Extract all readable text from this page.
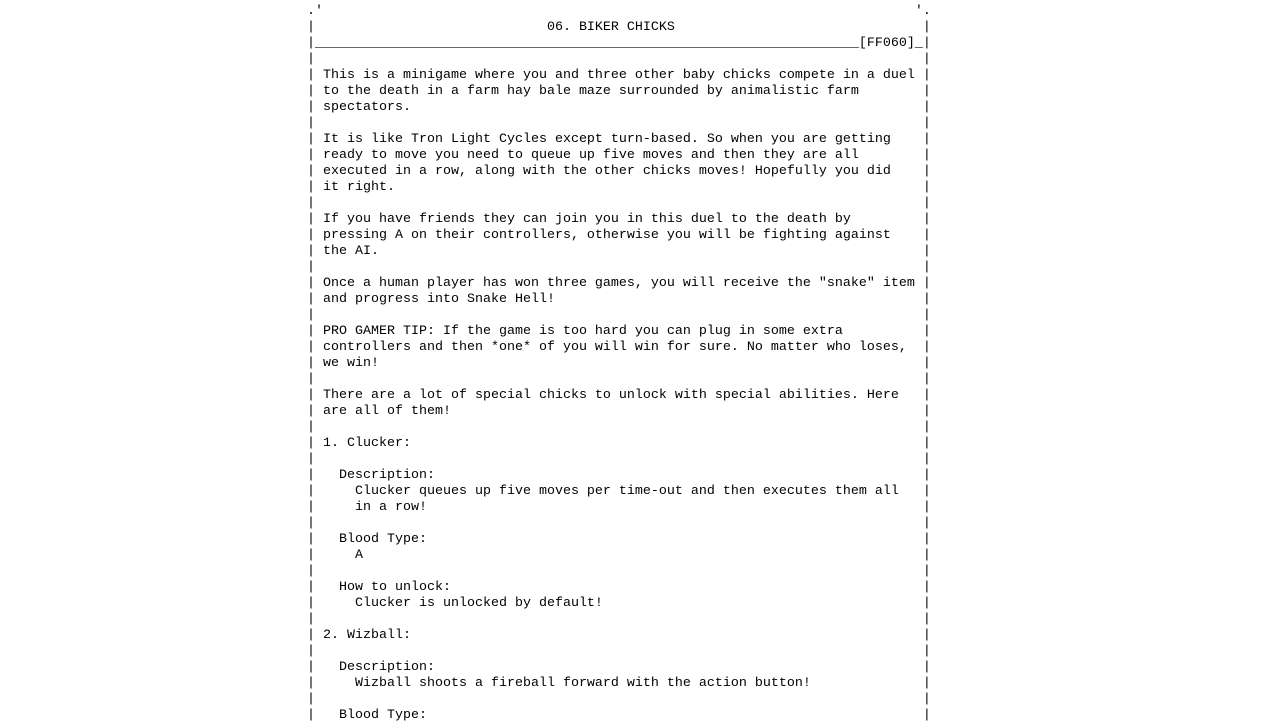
.'                                                                          '.
|                             06. BIKER CHICKS                               |
|____________________________________________________________________[FF060]_|
|                                                                            |
| This is a minigame where you and three other baby chicks compete in a duel |
| to the death in a farm hay bale maze surrounded by animalistic farm        |
| spectators.                                                                |
|                                                                            |
| It is like Tron Light Cycles except turn-based. So when you are getting    |
| ready to move you need to queue up five moves and then they are all        |
| executed in a row, along with the other chicks moves! Hopefully you did    |
| it right.                                                                  |
|                                                                            |
| If you have friends they can join you in this duel to the death by         |
| pressing A on their controllers, otherwise you will be fighting against    |
| the AI.                                                                    |
|                                                                            |
| Once a human player has won three games, you will receive the "snake" item |
| and progress into Snake Hell!                                              |
|                                                                            |
| PRO GAMER TIP: If the game is too hard you can plug in some extra          |
| controllers and then *one* of you will win for sure. No matter who loses,  |
| we win!                                                                    |
|                                                                            |
| There are a lot of special chicks to unlock with special abilities. Here   |
| are all of them!                                                           |
|                                                                            |
| 1. Clucker:                                                                |
|                                                                            |
|   Description:                                                             |
|     Clucker queues up five moves per time-out and then executes them all   |
|     in a row!                                                              |
|                                                                            |
|   Blood Type:                                                              |
|     A                                                                      |
|                                                                            |
|   How to unlock:                                                           |
|     Clucker is unlocked by default!                                        |
|                                                                            |
| 2. Wizball:                                                                |
|                                                                            |
|   Description:                                                             |
|     Wizball shoots a fireball forward with the action button!              |
|                                                                            |
|   Blood Type:                                                              |
